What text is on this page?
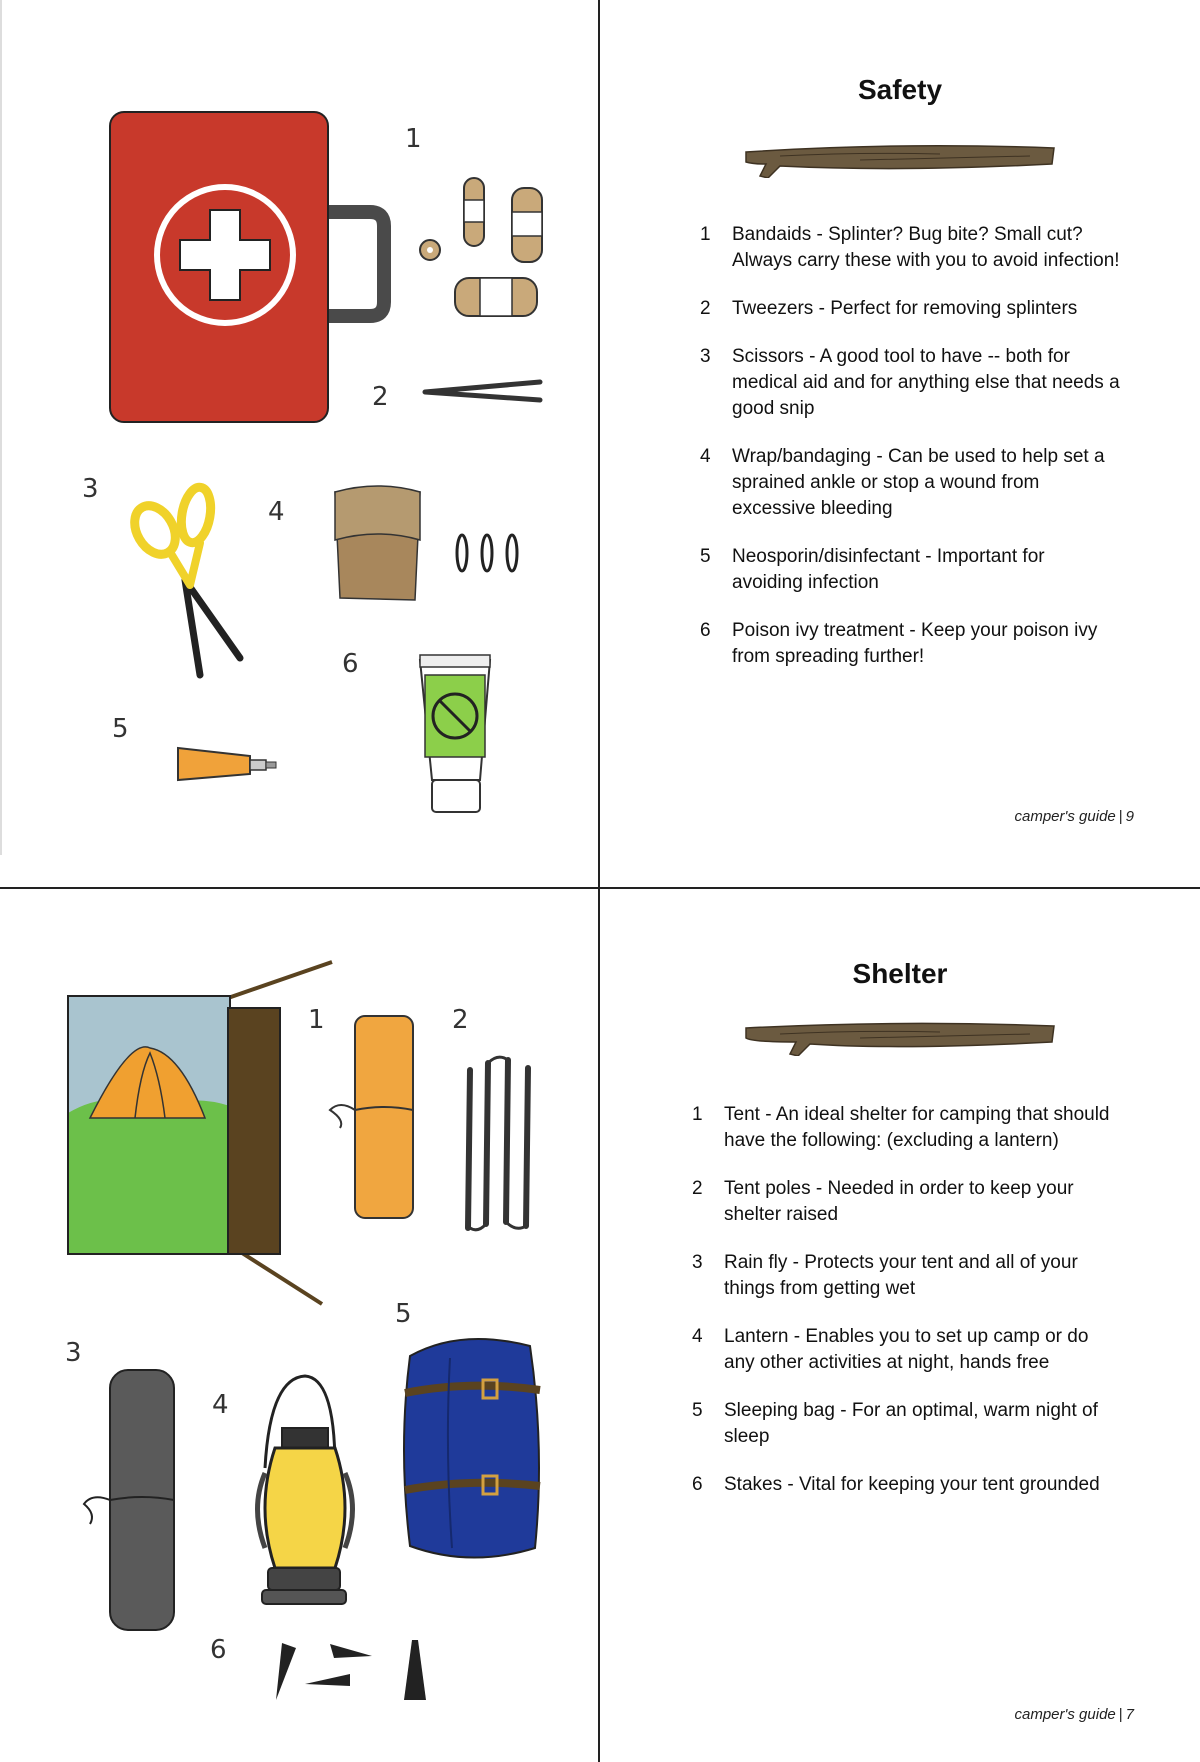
1
2
3
4
6
5
Safety
1	Bandaids - Splinter? Bug bite? Small cut? Always carry these with you to avoid infection!
2	Tweezers - Perfect for removing splinters
3	Scissors - A good tool to have -- both for medical aid and for anything else that needs a good snip
4	Wrap/bandaging - Can be used to help set a sprained ankle or stop a wound from excessive bleeding
5	Neosporin/disinfectant - Important for avoiding infection
6	Poison ivy treatment - Keep your poison ivy from spreading further!
camper's guide | 9
1	2
5
3
4
6
Shelter
1	Tent - An ideal shelter for camping that should have the following: (excluding a lantern)
2	Tent poles - Needed in order to keep your shelter raised
3	Rain fly - Protects your tent and all of your things from getting wet
4	Lantern - Enables you to set up camp or do any other activities at night, hands free
5	Sleeping bag - For an optimal, warm night of sleep
6	Stakes - Vital for keeping your tent grounded
camper's guide | 7
